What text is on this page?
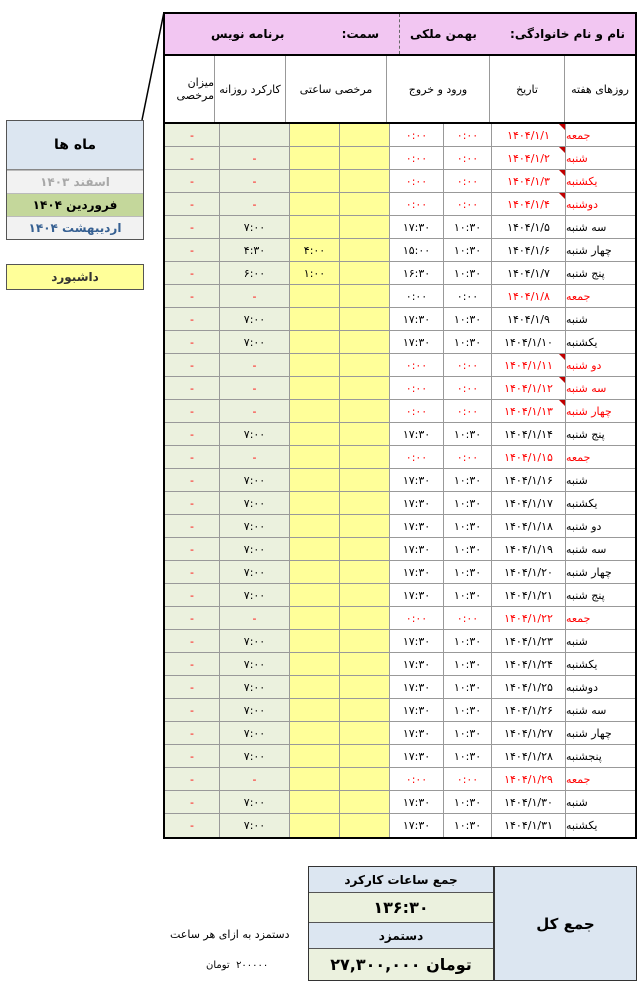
ماه ها
اسفند ۱۴۰۳
فروردین ۱۴۰۴
اردیبهشت ۱۴۰۴
داشبورد
نام و نام خانوادگی:
بهمن ملکی
سمت:
برنامه نویس
روزهای هفته
تاریخ
ورود و خروج
مرخصی ساعتی
کارکرد روزانه
میزان مرخصی
جمعه
۱۴۰۴/۱/۱
۰:۰۰
۰:۰۰
-
شنبه
۱۴۰۴/۱/۲
۰:۰۰
۰:۰۰
-
-
یکشنبه
۱۴۰۴/۱/۳
۰:۰۰
۰:۰۰
-
-
دوشنبه
۱۴۰۴/۱/۴
۰:۰۰
۰:۰۰
-
-
سه شنبه
۱۴۰۴/۱/۵
۱۰:۳۰
۱۷:۳۰
۷:۰۰
-
چهار شنبه
۱۴۰۴/۱/۶
۱۰:۳۰
۱۵:۰۰
۴:۰۰
۴:۳۰
-
پنج شنبه
۱۴۰۴/۱/۷
۱۰:۳۰
۱۶:۳۰
۱:۰۰
۶:۰۰
-
جمعه
۱۴۰۴/۱/۸
۰:۰۰
۰:۰۰
-
-
شنبه
۱۴۰۴/۱/۹
۱۰:۳۰
۱۷:۳۰
۷:۰۰
-
یکشنبه
۱۴۰۴/۱/۱۰
۱۰:۳۰
۱۷:۳۰
۷:۰۰
-
دو شنبه
۱۴۰۴/۱/۱۱
۰:۰۰
۰:۰۰
-
-
سه شنبه
۱۴۰۴/۱/۱۲
۰:۰۰
۰:۰۰
-
-
چهار شنبه
۱۴۰۴/۱/۱۳
۰:۰۰
۰:۰۰
-
-
پنج شنبه
۱۴۰۴/۱/۱۴
۱۰:۳۰
۱۷:۳۰
۷:۰۰
-
جمعه
۱۴۰۴/۱/۱۵
۰:۰۰
۰:۰۰
-
-
شنبه
۱۴۰۴/۱/۱۶
۱۰:۳۰
۱۷:۳۰
۷:۰۰
-
یکشنبه
۱۴۰۴/۱/۱۷
۱۰:۳۰
۱۷:۳۰
۷:۰۰
-
دو شنبه
۱۴۰۴/۱/۱۸
۱۰:۳۰
۱۷:۳۰
۷:۰۰
-
سه شنبه
۱۴۰۴/۱/۱۹
۱۰:۳۰
۱۷:۳۰
۷:۰۰
-
چهار شنبه
۱۴۰۴/۱/۲۰
۱۰:۳۰
۱۷:۳۰
۷:۰۰
-
پنج شنبه
۱۴۰۴/۱/۲۱
۱۰:۳۰
۱۷:۳۰
۷:۰۰
-
جمعه
۱۴۰۴/۱/۲۲
۰:۰۰
۰:۰۰
-
-
شنبه
۱۴۰۴/۱/۲۳
۱۰:۳۰
۱۷:۳۰
۷:۰۰
-
یکشنبه
۱۴۰۴/۱/۲۴
۱۰:۳۰
۱۷:۳۰
۷:۰۰
-
دوشنبه
۱۴۰۴/۱/۲۵
۱۰:۳۰
۱۷:۳۰
۷:۰۰
-
سه شنبه
۱۴۰۴/۱/۲۶
۱۰:۳۰
۱۷:۳۰
۷:۰۰
-
چهار شنبه
۱۴۰۴/۱/۲۷
۱۰:۳۰
۱۷:۳۰
۷:۰۰
-
پنجشنبه
۱۴۰۴/۱/۲۸
۱۰:۳۰
۱۷:۳۰
۷:۰۰
-
جمعه
۱۴۰۴/۱/۲۹
۰:۰۰
۰:۰۰
-
-
شنبه
۱۴۰۴/۱/۳۰
۱۰:۳۰
۱۷:۳۰
۷:۰۰
-
یکشنبه
۱۴۰۴/۱/۳۱
۱۰:۳۰
۱۷:۳۰
۷:۰۰
-
جمع ساعات کارکرد
۱۳۶:۳۰
دستمزد
۲۷,۳۰۰,۰۰۰ تومان
جمع کل
دستمزد به ازای هر ساعت
۲۰۰۰۰۰  تومان
